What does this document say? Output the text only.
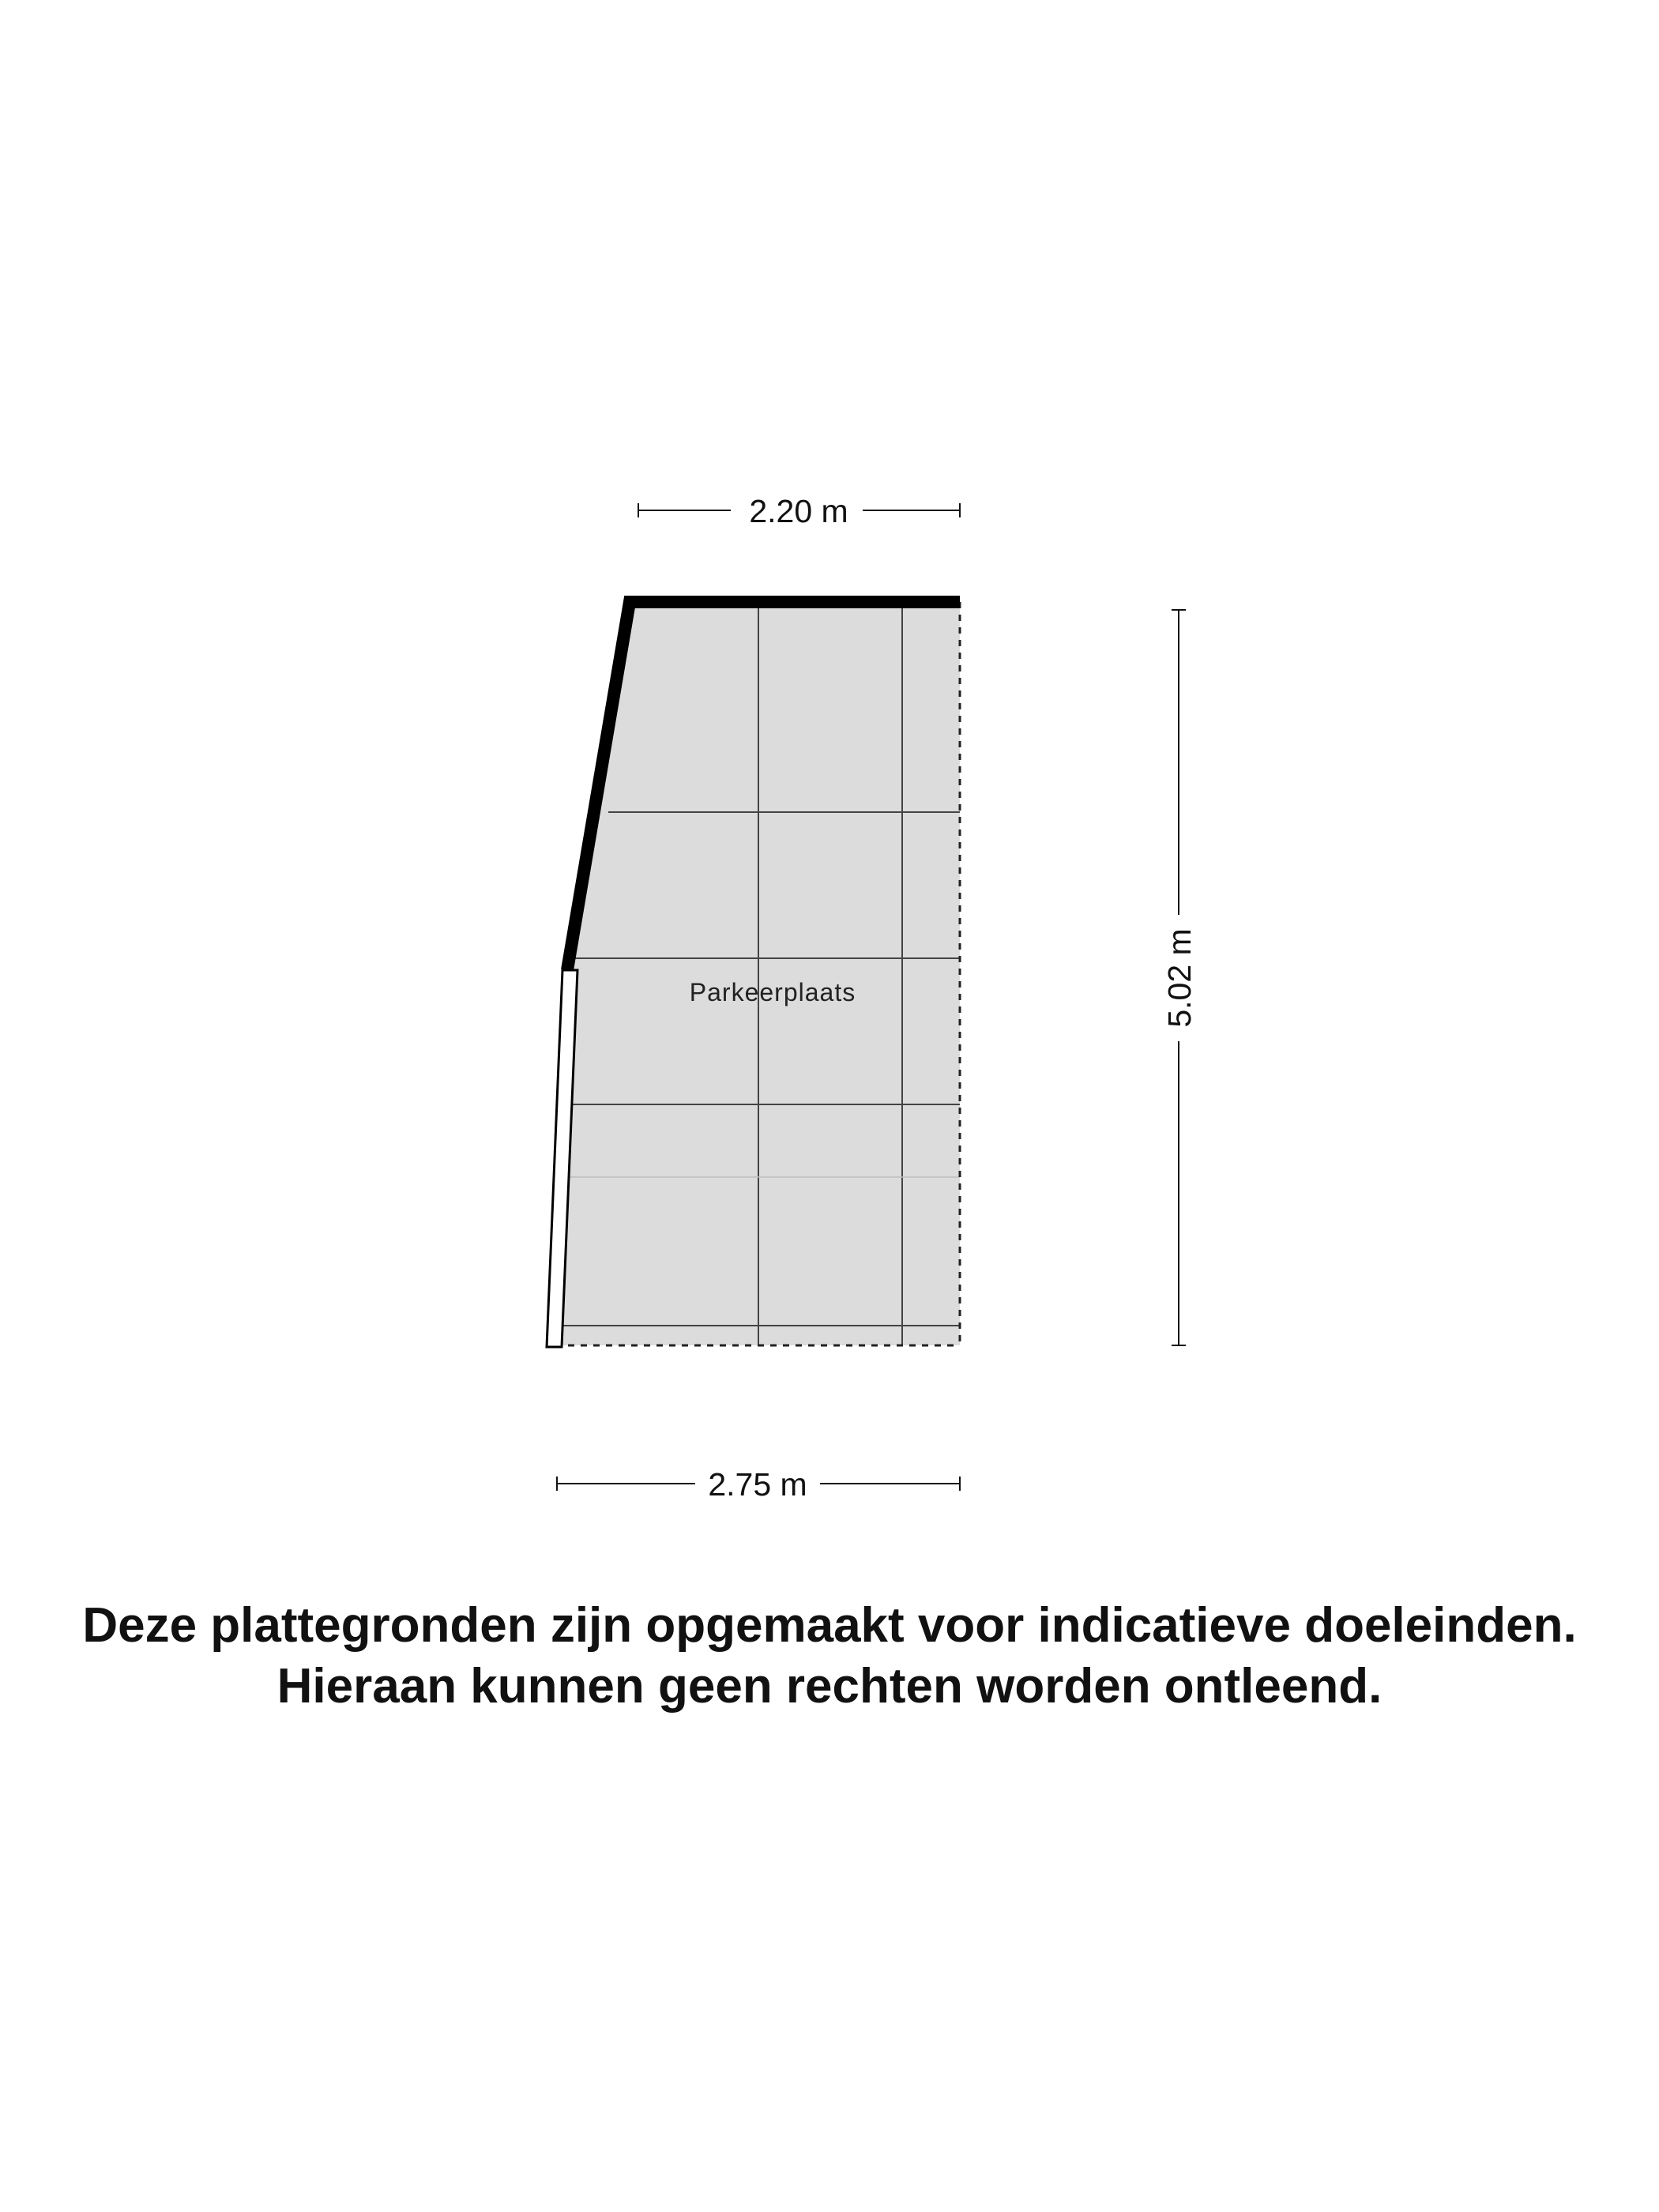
2.20 m
2.75 m
5.02 m
Parkeerplaats
Deze plattegronden zijn opgemaakt voor indicatieve doeleinden.
Hieraan kunnen geen rechten worden ontleend.
